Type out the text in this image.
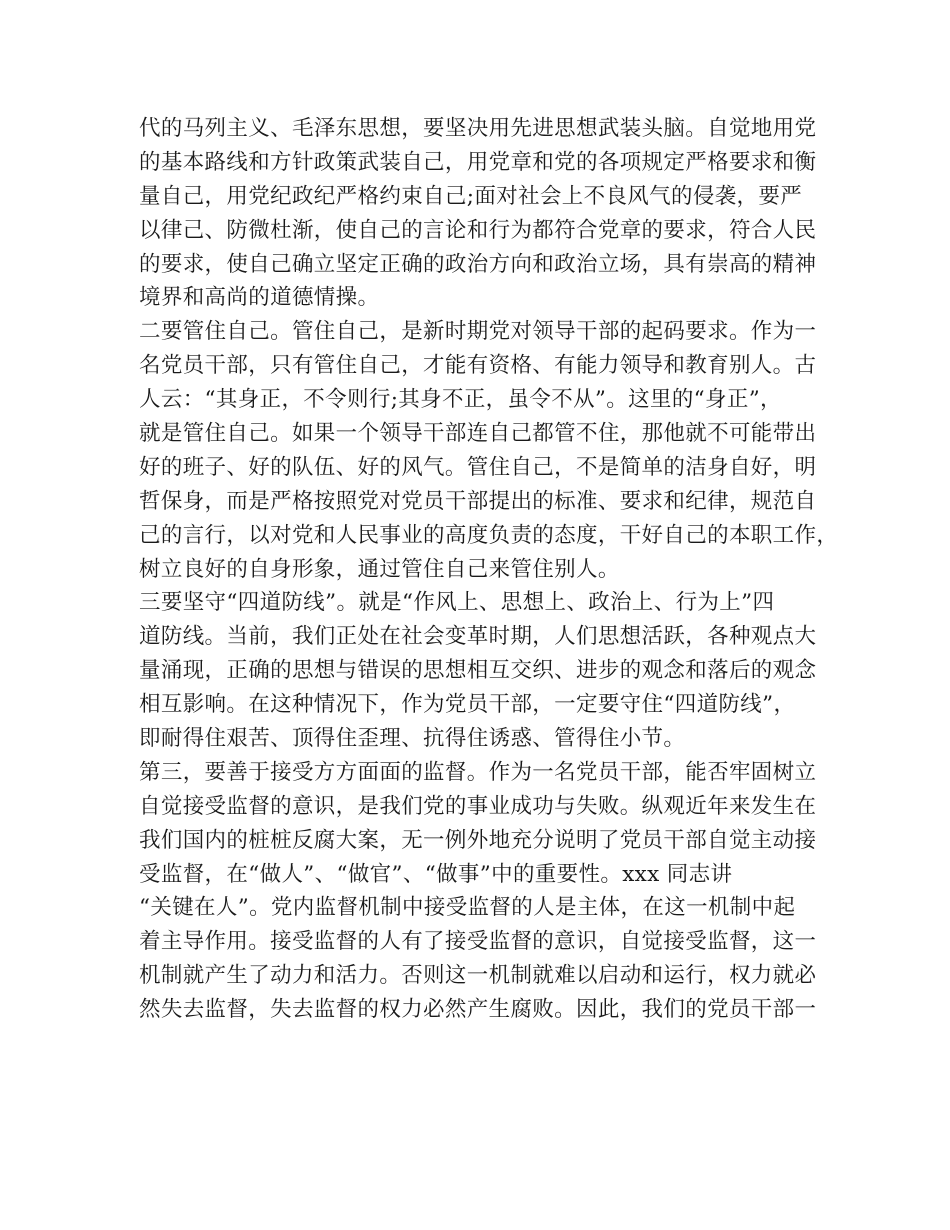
代的马列主义、毛泽东思想，要坚决用先进思想武装头脑。自觉地用党
的基本路线和方针政策武装自己，用党章和党的各项规定严格要求和衡
量自己，用党纪政纪严格约束自己;面对社会上不良风气的侵袭，要严
以律己、防微杜渐，使自己的言论和行为都符合党章的要求，符合人民
的要求，使自己确立坚定正确的政治方向和政治立场，具有崇高的精神
境界和高尚的道德情操。
二要管住自己。管住自己，是新时期党对领导干部的起码要求。作为一
名党员干部，只有管住自己，才能有资格、有能力领导和教育别人。古
人云：“其身正，不令则行;其身不正，虽令不从”。这里的“身正”，
就是管住自己。如果一个领导干部连自己都管不住，那他就不可能带出
好的班子、好的队伍、好的风气。管住自己，不是简单的洁身自好，明
哲保身，而是严格按照党对党员干部提出的标准、要求和纪律，规范自
己的言行，以对党和人民事业的高度负责的态度，干好自己的本职工作，
树立良好的自身形象，通过管住自己来管住别人。
三要坚守“四道防线”。就是“作风上、思想上、政治上、行为上”四
道防线。当前，我们正处在社会变革时期，人们思想活跃，各种观点大
量涌现，正确的思想与错误的思想相互交织、进步的观念和落后的观念
相互影响。在这种情况下，作为党员干部，一定要守住“四道防线”，
即耐得住艰苦、顶得住歪理、抗得住诱惑、管得住小节。
第三，要善于接受方方面面的监督。作为一名党员干部，能否牢固树立
自觉接受监督的意识，是我们党的事业成功与失败。纵观近年来发生在
我们国内的桩桩反腐大案，无一例外地充分说明了党员干部自觉主动接
受监督，在“做人”、“做官”、“做事”中的重要性。xxx 同志讲
“关键在人”。党内监督机制中接受监督的人是主体，在这一机制中起
着主导作用。接受监督的人有了接受监督的意识，自觉接受监督，这一
机制就产生了动力和活力。否则这一机制就难以启动和运行，权力就必
然失去监督，失去监督的权力必然产生腐败。因此，我们的党员干部一
